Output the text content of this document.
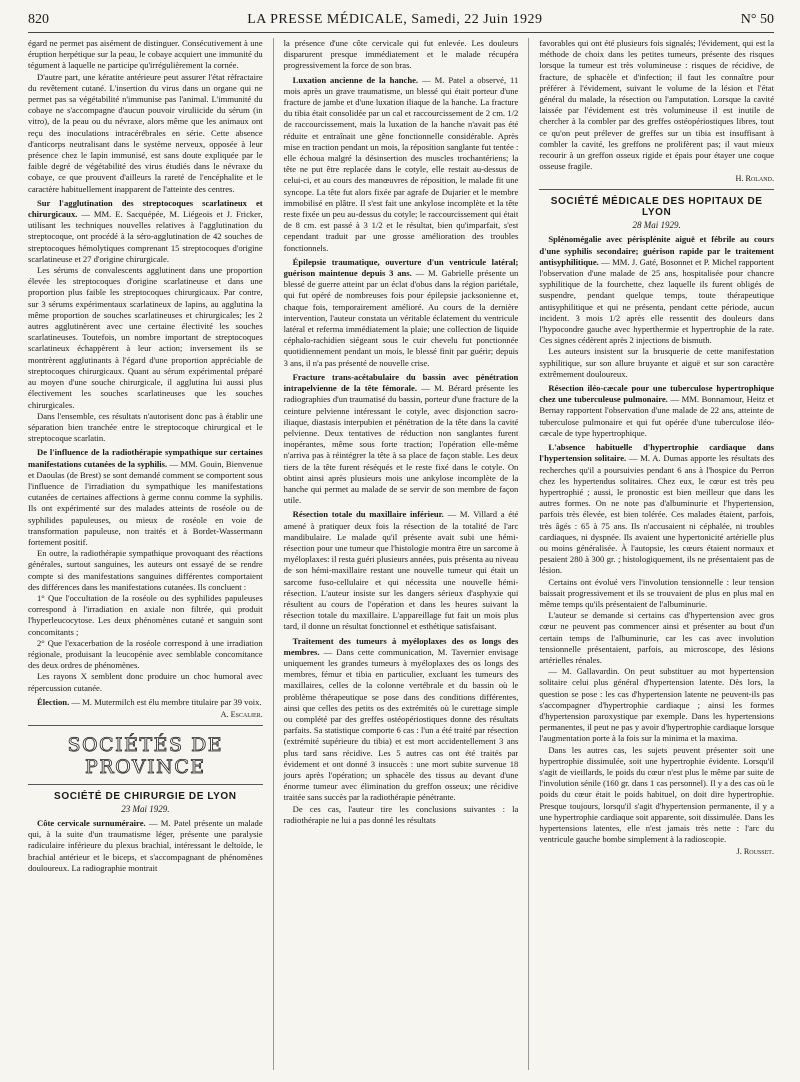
820	LA PRESSE MÉDICALE, Samedi, 22 Juin 1929	N° 50

égard ne permet pas aisément de distinguer. Consécutivement à une éruption herpétique sur la peau, le cobaye acquiert une immunité du tégument à laquelle ne participe qu'irrégulièrement la cornée.

D'autre part, une kératite antérieure peut assurer l'état réfractaire du revêtement cutané. L'insertion du virus dans un organe qui ne permet pas sa végétabilité n'immunise pas l'animal. L'immunité du cobaye ne s'accompagne d'aucun pouvoir viruliicide du sérum (in vitro), de la peau ou du névraxe, alors même que les animaux ont reçu des inoculations intracérébrales en série. Cette absence d'anticorps neutralisant dans le système nerveux, opposée à leur présence chez le lapin immunisé, est sans doute expliquée par le faible degré de végétabilité des virus étudiés dans le névraxe du cobaye, ce que prouvent d'ailleurs la rareté de l'encéphalite et le caractère habituellement inapparent de l'atteinte des centres.

Sur l'agglutination des streptocoques scarlatineux et chirurgicaux. — MM. E. Sacquépée, M. Liégeois et J. Fricker, utilisant les techniques nouvelles relatives à l'agglutination du streptocoque, ont procédé à la séro-agglutination de 42 souches de streptocoques hémolytiques comprenant 15 streptocoques d'origine scarlatineuse et 27 d'origine chirurgicale.

Les sérums de convalescents agglutinent dans une proportion élevée les streptocoques d'origine scarlatineuse et dans une proportion plus faible les streptocoques chirurgicaux. Par contre, sur 3 sérums expérimentaux scarlatineux de lapins, au agglutina la même proportion de souches scarlatineuses et chirurgicales; les 2 autres agglutinèrent avec une certaine électivité les souches scarlatineuses. Toutefois, un nombre important de streptocoques scarlatineux échappèrent à leur action; inversement ils se montrèrent agglutinants à l'égard d'une proportion appréciable de streptocoques chirurgicaux. Quant au sérum expérimental préparé au moyen d'une souche chirurgicale, il agglutina lui aussi plus électivement les souches scarlatineuses que les souches chirurgicales.

Dans l'ensemble, ces résultats n'autorisent donc pas à établir une séparation bien tranchée entre le streptocoque chirurgical et le streptocoque scarlatin.

De l'influence de la radiothérapie sympathique sur certaines manifestations cutanées de la syphilis. — MM. Gouin, Bienvenue et Daoulas (de Brest) se sont demandé comment se comportent sous l'influence de l'irradiation du sympathique les manifestations cutanées de certaines affections à germe connu comme la syphilis. Ils ont expérimenté sur des malades atteints de roséole ou de syphilides papuleuses, ou mieux de roséole en voie de transformation papuleuse, non traités et à Bordet-Wassermann fortement positif.

En outre, la radiothérapie sympathique provoquant des réactions générales, surtout sanguines, les auteurs ont essayé de se rendre compte si des manifestations sanguines différentes comportaient des différences dans les manifestations cutanées. Ils concluent :

1° Que l'occultation de la roséole ou des syphilides papuleuses correspond à l'irradiation en axiale non filtrée, qui produit l'hyperleucocytose. Les deux phénomènes cutané et sanguin sont concomitants ;

2° Que l'exacerbation de la roséole correspond à une irradiation régionale, produisant la leucopénie avec semblable concomitance des deux ordres de phénomènes.

Les rayons X semblent donc produire un choc humoral avec répercussion cutanée.

Élection. — M. Mutermilch est élu membre titulaire par 39 voix.

A. Escalier.
SOCIÉTÉS DE PROVINCE
SOCIÉTÉ DE CHIRURGIE DE LYON
23 Mai 1929.

Côte cervicale surnuméraire. — M. Patel présente un malade qui, à la suite d'un traumatisme léger, présente une paralysie radiculaire inférieure du plexus brachial, intéressant le deltoïde, le brachial antérieur et le biceps, et s'accompagnant de phénomènes douloureux. La radiographie montrait

la présence d'une côte cervicale qui fut enlevée. Les douleurs disparurent presque immédiatement et le malade récupéra progressivement la force de son bras.

Luxation ancienne de la hanche. — M. Patel a observé, 11 mois après un grave traumatisme, un blessé qui était porteur d'une fracture de jambe et d'une luxation iliaque de la hanche. La fracture du tibia était consolidée par un cal et raccourcissement de 2 cm. 1/2 de raccourcissement, mais la luxation de la hanche n'avait pas été réduite et entraînait une gêne fonctionnelle considérable. Après mise en traction pendant un mois, la réposition sanglante fut tentée : elle échoua malgré la désinsertion des muscles trochantériens; la tête ne put être replacée dans le cotyle, elle restait au-dessus de celui-ci, et au cours des manœuvres de réposition, le malade fit une syncope. La tête fut alors fixée par agrafe de Dujarier et le membre immobilisé en plâtre. Il s'est fait une ankylose incomplète et la tête reste fixée un peu au-dessus du cotyle; le raccourcissement qui était de 8 cm. est passé à 3 1/2 et le résultat, bien qu'imparfait, s'est cependant traduit par une grosse amélioration des troubles fonctionnels.

Épilepsie traumatique, ouverture d'un ventricule latéral; guérison maintenue depuis 3 ans. — M. Gabrielle présente un blessé de guerre atteint par un éclat d'obus dans la région pariétale, qui fut opéré de nombreuses fois pour épilepsie jacksonienne et, chaque fois, temporairement amélioré. Au cours de la dernière intervention, l'auteur constata un véritable éclatement du ventricule latéral et referma immédiatement la plaie; une collection de liquide céphalo-rachidien siégeant sous le cuir chevelu fut ponctionnée quotidiennement pendant un mois, le blessé finit par guérir; depuis 3 ans, il n'a pas présenté de nouvelle crise.

Fracture trans-acétabulaire du bassin avec pénétration intrapelvienne de la tête fémorale. — M. Bérard présente les radiographies d'un traumatisé du bassin, porteur d'une fracture de la ceinture pelvienne intéressant le cotyle, avec disjonction sacro-iliaque, diastasis interpubien et pénétration de la tête dans la cavité pelvienne. Deux tentatives de réduction non sanglantes furent inopérantes, même sous forte traction; l'opération elle-même n'arriva pas à réintégrer la tête à sa place de façon stable. Les deux tiers de la tête furent réséqués et le reste fixé dans le cotyle. On obtint ainsi après plusieurs mois une ankylose incomplète de la hanche qui permet au malade de se servir de son membre de façon utile.

Résection totale du maxillaire inférieur. — M. Villard a été amené à pratiquer deux fois la résection de la totalité de l'arc mandibulaire. Le malade qu'il présente avait subi une hémi-résection pour une tumeur que l'histologie montra être un sarcome à myéloplaxes: il resta guéri plusieurs années, puis présenta au niveau de son hémi-maxillaire restant une nouvelle tumeur qui était un sarcome fuso-cellulaire et qui nécessita une nouvelle hémi-résection. L'auteur insiste sur les dangers sérieux d'asphyxie qui résultent au cours de l'opération et dans les heures suivant la résection totale du maxillaire. L'appareillage fut fait un mois plus tard, il donne un résultat fonctionnel et esthétique satisfaisant.

Traitement des tumeurs à myéloplaxes des os longs des membres. — Dans cette communication, M. Tavernier envisage uniquement les grandes tumeurs à myéloplaxes des os longs des membres, fémur et tibia en particulier, excluant les tumeurs des maxillaires, celles de la colonne vertébrale et du bassin où le problème thérapeutique se pose dans des conditions différentes, ainsi que celles des petits os des extrémités où le curettage simple ou complété par des greffes ostéopériostiques donne des résultats parfaits. Sa statistique comporte 6 cas : l'un a été traité par résection (extrémité supérieure du tibia) et est mort accidentellement 3 ans plus tard sans récidive. Les 5 autres cas ont été traités par évidement et ont donné 3 insuccès : une mort subite survenue 18 jours après l'opération; un sphacèle des tissus au devant d'une énorme tumeur avec élimination du greffon osseux; une récidive traitée sans succès par la radiothérapie pénétrante.

De ces cas, l'auteur tire les conclusions suivantes : la radiothérapie ne lui a pas donné les résultats

favorables qui ont été plusieurs fois signalés; l'évidement, qui est la méthode de choix dans les petites tumeurs, présente des risques lorsque la tumeur est très volumineuse : risques de récidive, de fracture, de sphacèle et d'infection; il faut les connaître pour préférer à l'évidement, suivant le volume de la lésion et l'état général du malade, la résection ou l'amputation. Lorsque la cavité laissée par l'évidement est très volumineuse il est inutile de chercher à la combler par des greffes ostéopériostiques libres, tout ce qu'on peut prélever de greffes sur un tibia est insuffisant à combler la cavité, les greffons ne prolifèrent pas; il vaut mieux recourir à un greffon osseux rigide et épais pour étayer une coque osseuse fragile.

H. Roland.
SOCIÉTÉ MÉDICALE DES HOPITAUX DE LYON
28 Mai 1929.

Splénomégalie avec périsplénite aiguë et fébrile au cours d'une syphilis secondaire; guérison rapide par le traitement antisyphilitique. — MM. J. Gaté, Bosonnet et P. Michel rapportent l'observation d'une malade de 25 ans, hospitalisée pour chancre syphilitique de la fourchette, chez laquelle ils furent obligés de suspendre, pendant quelque temps, toute thérapeutique antisyphilitique et qui ne présenta, pendant cette période, aucun incident. 3 mois 1/2 après elle ressentit des douleurs dans l'hypocondre gauche avec hyperthermie et hypertrophie de la rate. Ces signes cédèrent après 2 injections de bismuth.

Les auteurs insistent sur la brusquerie de cette manifestation syphilitique, sur son allure bruyante et aiguë et sur son caractère extrêmement douloureux.

Résection iléo-cæcale pour une tuberculose hypertrophique chez une tuberculeuse pulmonaire. — MM. Bonnamour, Heitz et Bernay rapportent l'observation d'une malade de 22 ans, atteinte de tuberculose pulmonaire et qui fut opérée d'une tuberculose iléo-cæcale de type hypertrophique.

L'absence habituelle d'hypertrophie cardiaque dans l'hypertension solitaire. — M. A. Dumas apporte les résultats des recherches qu'il a poursuivies pendant 6 ans à l'hospice du Perron chez les hypertendus solitaires. Chez eux, le cœur est très peu hypertrophié ; aussi, le pronostic est bien meilleur que dans les autres formes. On ne note pas d'albuminurie et l'hypertension, parfois très élevée, est bien tolérée. Ces malades étaient, parfois, très âgés : 65 à 75 ans. Ils n'accusaient ni céphalée, ni troubles cardiaques, ni dyspnée. Ils avaient une hypertonicité artérielle plus ou moins généralisée. À l'autopsie, les cœurs étaient normaux et pesaient 280 à 300 gr. ; histologiquement, ils ne présentaient pas de lésion.

Certains ont évolué vers l'involution tensionnelle : leur tension baissait progressivement et ils se trouvaient de plus en plus mal en même temps qu'ils présentaient de l'albuminurie.

L'auteur se demande si certains cas d'hypertension avec gros cœur ne peuvent pas commencer ainsi et présenter au bout d'un certain temps de l'albuminurie, car les cas avec involution tensionnelle présentaient, parfois, au microscope, des lésions artérielles rénales.

— M. Gallavardin. On peut substituer au mot hypertension solitaire celui plus général d'hypertension latente. Dès lors, la question se pose : les cas d'hypertension latente ne peuvent-ils pas s'accompagner d'hypertrophie cardiaque ; ainsi les formes d'hypertension paroxystique par exemple. Dans les hypertensions permanentes, il peut ne pas y avoir d'hypertrophie cardiaque lorsque l'augmentation porte à la fois sur la minima et la maxima.

Dans les autres cas, les sujets peuvent présenter soit une hypertrophie dissimulée, soit une hypertrophie évidente. Lorsqu'il s'agit de vieillards, le poids du cœur n'est plus le même par suite de l'involution sénile (160 gr. dans 1 cas personnel). Il y a des cas où le poids du cœur était le poids habituel, on doit dire hypertrophie. Presque toujours, lorsqu'il s'agit d'hypertension permanente, il y a une hypertrophie cardiaque soit apparente, soit dissimulée. Dans les hypertensions latentes, elle n'est jamais très nette : l'arc du ventricule gauche bombe simplement à la radioscopie.

J. Rousset.
